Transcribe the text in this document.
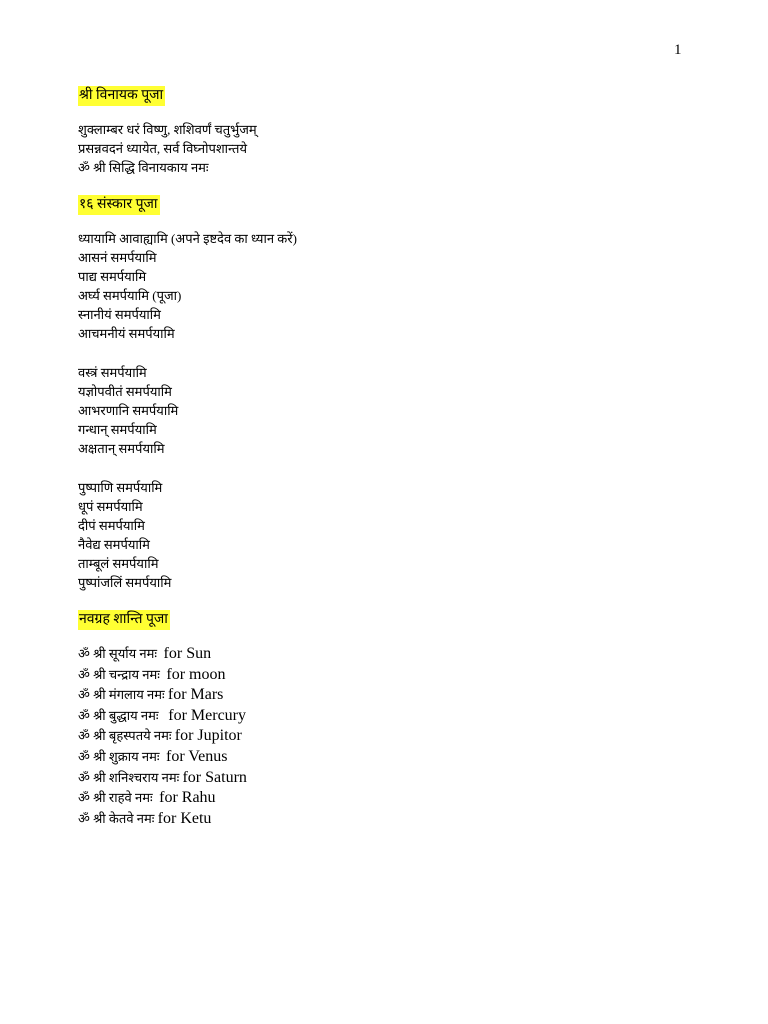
1
श्री विनायक पूजा
शुक्लाम्बर धरं विष्णु, शशिवर्णं चतुर्भुजम्
प्रसन्नवदनं ध्यायेत, सर्व विघ्नोपशान्तये
ॐ श्री सिद्धि विनायकाय नमः
१६ संस्कार पूजा
ध्यायामि आवाह्यामि (अपने इष्टदेव का ध्यान करें)
आसनं समर्पयामि
पाद्य समर्पयामि
अर्घ्य समर्पयामि (पूजा)
स्नानीयं समर्पयामि
आचमनीयं समर्पयामि
वस्त्रं समर्पयामि
यज्ञोपवीतं समर्पयामि
आभरणानि समर्पयामि
गन्धान् समर्पयामि
अक्षतान् समर्पयामि
पुष्पाणि समर्पयामि
धूपं समर्पयामि
दीपं समर्पयामि
नैवेद्य समर्पयामि
ताम्बूलं समर्पयामि
पुष्पांजलिं समर्पयामि
नवग्रह शान्ति पूजा
ॐ श्री सूर्याय नमः for Sun
ॐ श्री चन्द्राय नमः for moon
ॐ श्री मंगलाय नमः for Mars
ॐ श्री बुद्धाय नमः for Mercury
ॐ श्री बृहस्पतये नमः for Jupitor
ॐ श्री शुक्राय नमः for Venus
ॐ श्री शनिश्चराय नमः for Saturn
ॐ श्री राहवे नमः for Rahu
ॐ श्री केतवे नमः for Ketu
